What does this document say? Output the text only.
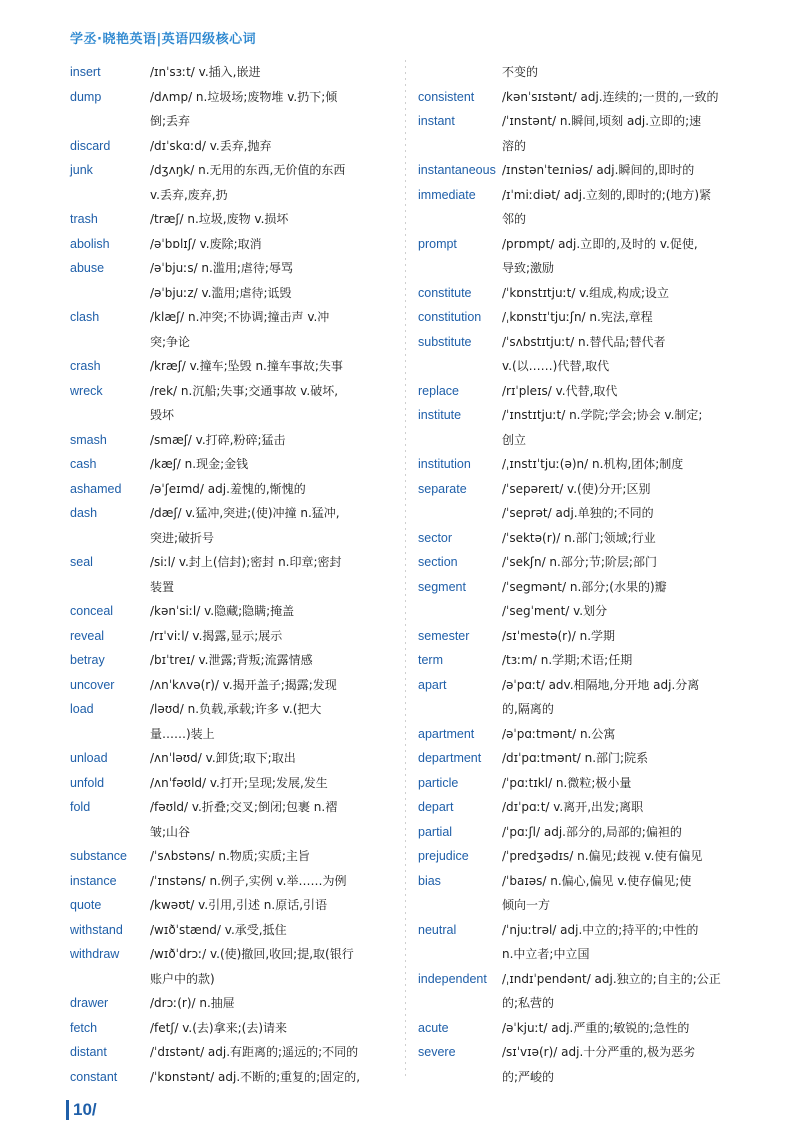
学丞·晓艳英语|英语四级核心词
insert	/ɪnˈsɜːt/ v.插入,嵌进
dump	/dʌmp/ n.垃圾场;废物堆 v.扔下;倾
倒;丢弃
discard	/dɪˈskɑːd/ v.丢弃,抛弃
junk	/dʒʌŋk/ n.无用的东西,无价值的东西
v.丢弃,废弃,扔
trash	/træʃ/ n.垃圾,废物 v.损坏
abolish	/əˈbɒlɪʃ/ v.废除;取消
abuse	/əˈbjuːs/ n.滥用;虐待;辱骂
/əˈbjuːz/ v.滥用;虐待;诋毁
clash	/klæʃ/ n.冲突;不协调;撞击声 v.冲
突;争论
crash	/kræʃ/ v.撞车;坠毁 n.撞车事故;失事
wreck	/rek/ n.沉船;失事;交通事故 v.破坏,
毁坏
smash	/smæʃ/ v.打碎,粉碎;猛击
cash	/kæʃ/ n.现金;金钱
ashamed /əˈʃeɪmd/ adj.羞愧的,惭愧的
dash	/dæʃ/ v.猛冲,突进;(使)冲撞 n.猛冲,
突进;破折号
seal	/siːl/ v.封上(信封);密封 n.印章;密封
装置
conceal	/kənˈsiːl/ v.隐藏;隐瞒;掩盖
reveal	/rɪˈviːl/ v.揭露,显示;展示
betray	/bɪˈtreɪ/ v.泄露;背叛;流露情感
uncover	/ʌnˈkʌvə(r)/ v.揭开盖子;揭露;发现
load	/ləʊd/ n.负载,承载;许多 v.(把大
量……)装上
unload	/ʌnˈləʊd/ v.卸货;取下;取出
unfold	/ʌnˈfəʊld/ v.打开;呈现;发展,发生
fold	/fəʊld/ v.折叠;交叉;倒闭;包裹 n.褶
皱;山谷
substance /ˈsʌbstəns/ n.物质;实质;主旨
instance	/ˈɪnstəns/ n.例子,实例 v.举……为例
quote	/kwəʊt/ v.引用,引述 n.原话,引语
withstand /wɪðˈstænd/ v.承受,抵住
withdraw	/wɪðˈdrɔː/ v.(使)撤回,收回;提,取(银行
账户中的款)
drawer	/drɔː(r)/ n.抽屉
fetch	/fetʃ/ v.(去)拿来;(去)请来
distant	/ˈdɪstənt/ adj.有距离的;遥远的;不同的
constant	/ˈkɒnstənt/ adj.不断的;重复的;固定的,
不变的
consistent /kənˈsɪstənt/ adj.连续的;一贯的,一致的
instant	/ˈɪnstənt/ n.瞬间,顷刻 adj.立即的;速
溶的
instantaneous /ɪnstənˈteɪniəs/ adj.瞬间的,即时的
immediate /ɪˈmiːdiət/ adj.立刻的,即时的;(地方)紧
邻的
prompt	/prɒmpt/ adj.立即的,及时的 v.促使,
导致;激励
constitute	/ˈkɒnstɪtjuːt/ v.组成,构成;设立
constitution /ˌkɒnstɪˈtjuːʃn/ n.宪法,章程
substitute	/ˈsʌbstɪtjuːt/ n.替代品;替代者
v.(以……)代替,取代
replace	/rɪˈpleɪs/ v.代替,取代
institute	/ˈɪnstɪtjuːt/ n.学院;学会;协会 v.制定;
创立
institution	/ˌɪnstɪˈtjuː(ə)n/ n.机构,团体;制度
separate	/ˈsepəreɪt/ v.(使)分开;区别
/ˈseprət/ adj.单独的;不同的
sector	/ˈsektə(r)/ n.部门;领域;行业
section	/ˈsekʃn/ n.部分;节;阶层;部门
segment	/ˈsegmənt/ n.部分;(水果的)瓣
/ˈsegˈment/ v.划分
semester	/sɪˈmestə(r)/ n.学期
term	/tɜːm/ n.学期;术语;任期
apart	/əˈpɑːt/ adv.相隔地,分开地 adj.分离
的,隔离的
apartment /əˈpɑːtmənt/ n.公寓
department /dɪˈpɑːtmənt/ n.部门;院系
particle	/ˈpɑːtɪkl/ n.微粒;极小量
depart	/dɪˈpɑːt/ v.离开,出发;离职
partial	/ˈpɑːʃl/ adj.部分的,局部的;偏袒的
prejudice	/ˈpredʒədɪs/ n.偏见;歧视 v.使有偏见
bias	/ˈbaɪəs/ n.偏心,偏见 v.使存偏见;使
倾向一方
neutral	/ˈnjuːtrəl/ adj.中立的;持平的;中性的
n.中立者;中立国
independent /ˌɪndɪˈpendənt/ adj.独立的;自主的;公正
的;私营的
acute	/əˈkjuːt/ adj.严重的;敏锐的;急性的
severe	/sɪˈvɪə(r)/ adj.十分严重的,极为恶劣
的;严峻的
10/
